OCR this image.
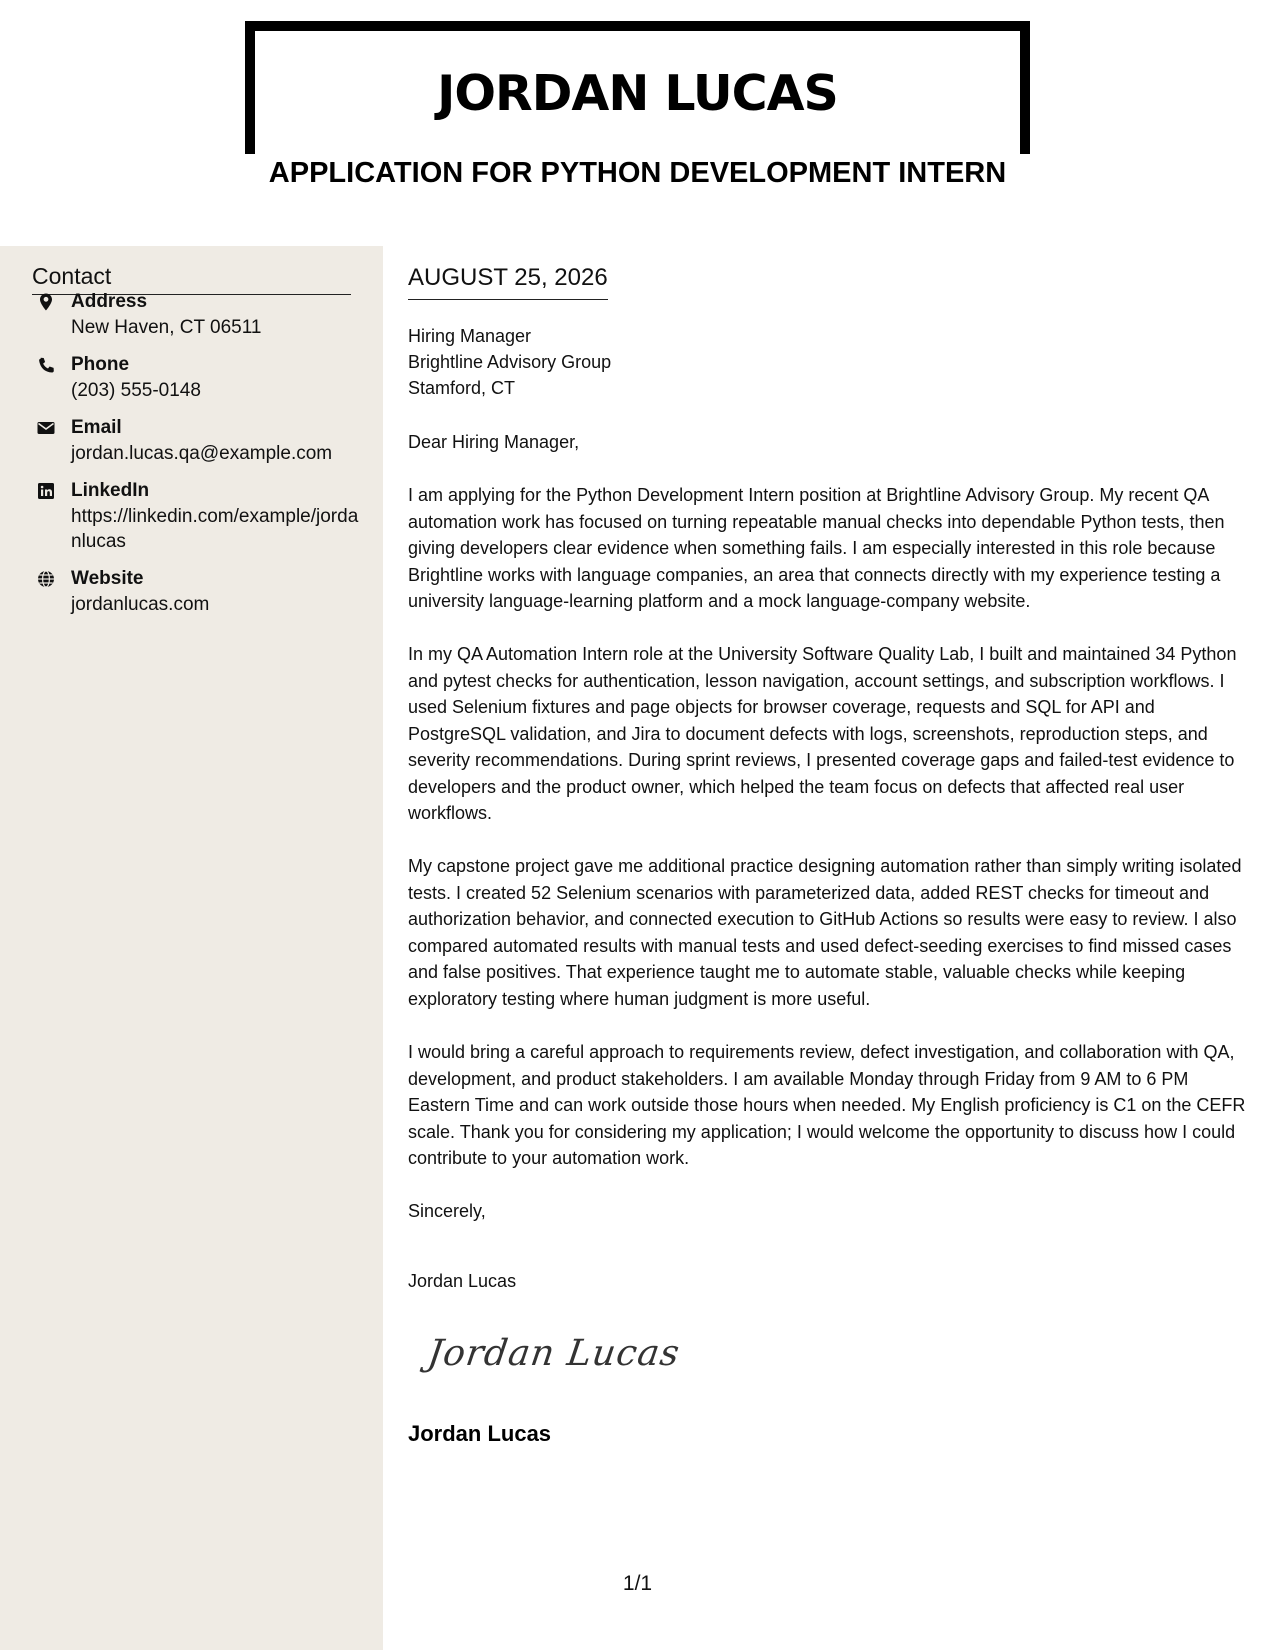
JORDAN LUCAS
APPLICATION FOR PYTHON DEVELOPMENT INTERN
Contact
Address
New Haven, CT 06511
Phone
(203) 555-0148
Email
jordan.lucas.qa@example.com
LinkedIn
https://linkedin.com/example/jordanlucas
Website
jordanlucas.com
AUGUST 25, 2026
Hiring Manager
Brightline Advisory Group
Stamford, CT

Dear Hiring Manager,

I am applying for the Python Development Intern position at Brightline Advisory Group. My recent QA automation work has focused on turning repeatable manual checks into dependable Python tests, then giving developers clear evidence when something fails. I am especially interested in this role because Brightline works with language companies, an area that connects directly with my experience testing a university language-learning platform and a mock language-company website.

In my QA Automation Intern role at the University Software Quality Lab, I built and maintained 34 Python and pytest checks for authentication, lesson navigation, account settings, and subscription workflows. I used Selenium fixtures and page objects for browser coverage, requests and SQL for API and PostgreSQL validation, and Jira to document defects with logs, screenshots, reproduction steps, and severity recommendations. During sprint reviews, I presented coverage gaps and failed-test evidence to developers and the product owner, which helped the team focus on defects that affected real user workflows.

My capstone project gave me additional practice designing automation rather than simply writing isolated tests. I created 52 Selenium scenarios with parameterized data, added REST checks for timeout and authorization behavior, and connected execution to GitHub Actions so results were easy to review. I also compared automated results with manual tests and used defect-seeding exercises to find missed cases and false positives. That experience taught me to automate stable, valuable checks while keeping exploratory testing where human judgment is more useful.

I would bring a careful approach to requirements review, defect investigation, and collaboration with QA, development, and product stakeholders. I am available Monday through Friday from 9 AM to 6 PM Eastern Time and can work outside those hours when needed. My English proficiency is C1 on the CEFR scale. Thank you for considering my application; I would welcome the opportunity to discuss how I could contribute to your automation work.

Sincerely,

Jordan Lucas

Jordan Lucas
Jordan Lucas
1/1
